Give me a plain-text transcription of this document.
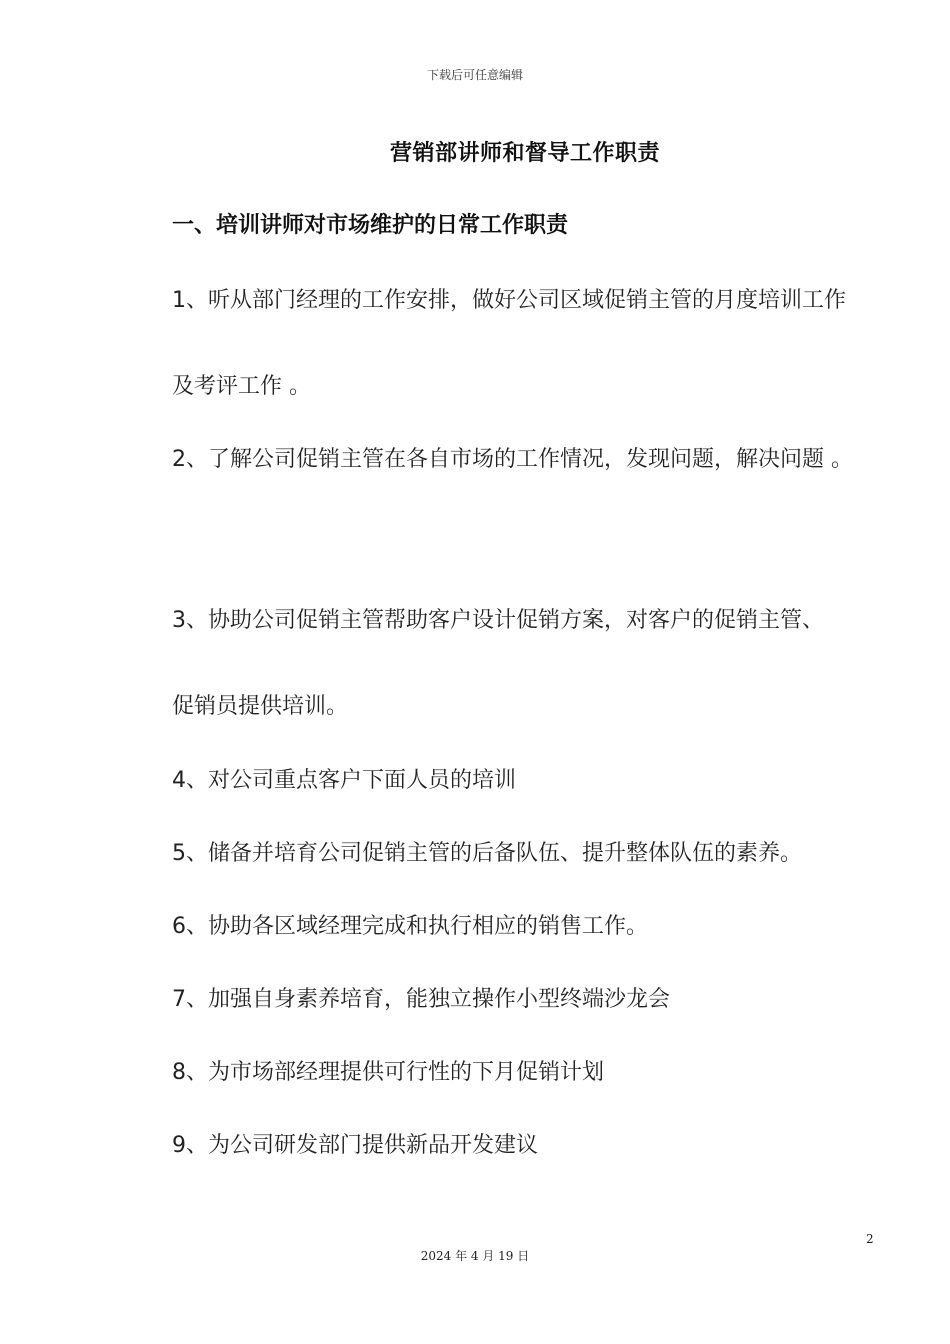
下载后可任意编辑
营销部讲师和督导工作职责
一、培训讲师对市场维护的日常工作职责
1、听从部门经理的工作安排，做好公司区域促销主管的月度培训工作
及考评工作 。
2、了解公司促销主管在各自市场的工作情况，发现问题，解决问题 。
3、协助公司促销主管帮助客户设计促销方案，对客户的促销主管、
促销员提供培训。
4、对公司重点客户下面人员的培训
5、储备并培育公司促销主管的后备队伍、提升整体队伍的素养。
6、协助各区域经理完成和执行相应的销售工作。
7、加强自身素养培育，能独立操作小型终端沙龙会
8、为市场部经理提供可行性的下月促销计划
9、为公司研发部门提供新品开发建议
2
2024 年 4 月 19 日
